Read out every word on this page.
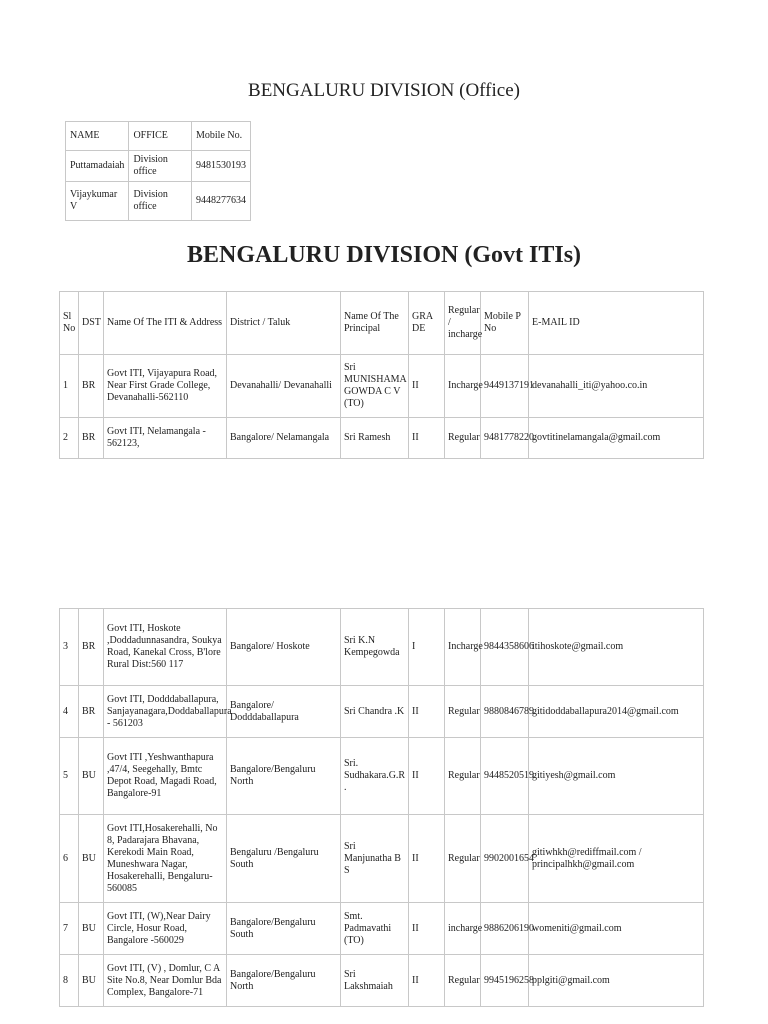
BENGALURU DIVISION (Office)
NAME	OFFICE	Mobile No.
Puttamadaiah	Division office	9481530193
Vijaykumar V	Division office	9448277634
BENGALURU DIVISION (Govt ITIs)
Sl No	DST	Name Of The ITI & Address	District / Taluk	Name Of The Principal	GRA DE	Regular / incharge	Mobile P No	E-MAIL ID
1	BR	Govt ITI, Vijayapura Road, Near First Grade College, Devanahalli-562110	Devanahalli/ Devanahalli	Sri MUNISHAMA GOWDA C V (TO)	II	Incharge	9449137191	devanahalli_iti@yahoo.co.in
2	BR	Govt ITI, Nelamangala - 562123,	Bangalore/ Nelamangala	Sri Ramesh	II	Regular	9481778220	govtitinelamangala@gmail.com
3	BR	Govt ITI, Hoskote ,Doddadunnasandra, Soukya Road, Kanekal Cross, B'lore Rural Dist:560 117	Bangalore/ Hoskote	Sri K.N Kempegowda	I	Incharge	9844358606	itihoskote@gmail.com
4	BR	Govt ITI, Dodddaballapura, Sanjayanagara,Doddaballapura - 561203	Bangalore/ Dodddaballapura	Sri Chandra .K	II	Regular	9880846789	gitidoddaballapura2014@gmail.com
5	BU	Govt ITI ,Yeshwanthapura ,47/4, Seegehally, Bmtc Depot Road, Magadi Road, Bangalore-91	Bangalore/Bengaluru North	Sri. Sudhakara.G.R .	II	Regular	9448520519	gitiyesh@gmail.com
6	BU	Govt ITI,Hosakerehalli, No 8, Padarajara Bhavana, Kerekodi Main Road, Muneshwara Nagar, Hosakerehalli, Bengaluru-560085	Bengaluru /Bengaluru South	Sri Manjunatha B S	II	Regular	9902001654	gitiwhkh@rediffmail.com / principalhkh@gmail.com
7	BU	Govt ITI, (W),Near Dairy Circle, Hosur Road, Bangalore -560029	Bangalore/Bengaluru South	Smt. Padmavathi (TO)	II	incharge	9886206190	womeniti@gmail.com
8	BU	Govt ITI, (V) , Domlur, C A Site No.8, Near Domlur Bda Complex, Bangalore-71	Bangalore/Bengaluru North	Sri Lakshmaiah	II	Regular	9945196258	pplgiti@gmail.com
